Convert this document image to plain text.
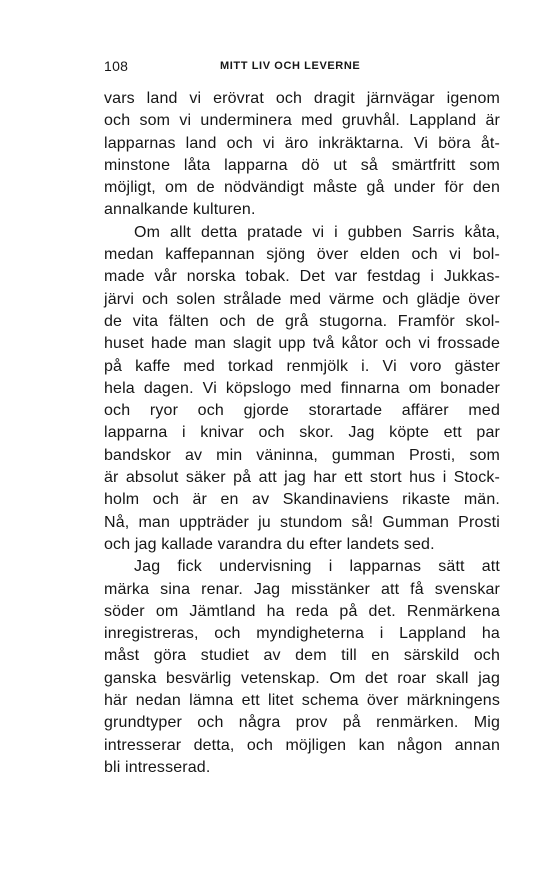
108	MITT LIV OCH LEVERNE
vars land vi erövrat och dragit järnvägar igenom
och som vi underminera med gruvhål. Lappland är
lapparnas land och vi äro inkräktarna. Vi böra åt-
minstone låta lapparna dö ut så smärtfritt som
möjligt, om de nödvändigt måste gå under för den
annalkande kulturen.
Om allt detta pratade vi i gubben Sarris kåta,
medan kaffepannan sjöng över elden och vi bol-
made vår norska tobak. Det var festdag i Jukkas-
järvi och solen strålade med värme och glädje över
de vita fälten och de grå stugorna. Framför skol-
huset hade man slagit upp två kåtor och vi frossade
på kaffe med torkad renmjölk i. Vi voro gäster
hela dagen. Vi köpslogo med finnarna om bonader
och ryor och gjorde storartade affärer med
lapparna i knivar och skor. Jag köpte ett par
bandskor av min väninna, gumman Prosti, som
är absolut säker på att jag har ett stort hus i Stock-
holm och är en av Skandinaviens rikaste män.
Nå, man uppträder ju stundom så! Gumman Prosti
och jag kallade varandra du efter landets sed.
Jag fick undervisning i lapparnas sätt att
märka sina renar. Jag misstänker att få svenskar
söder om Jämtland ha reda på det. Renmärkena
inregistreras, och myndigheterna i Lappland hа
måst göra studiet av dem till en särskild och
ganska besvärlig vetenskap. Om det roar skall jag
här nedan lämna ett litet schema över märkningens
grundtyper och några prov på renmärken. Mig
intresserar detta, och möjligen kan någon annan
bli intresserad.
